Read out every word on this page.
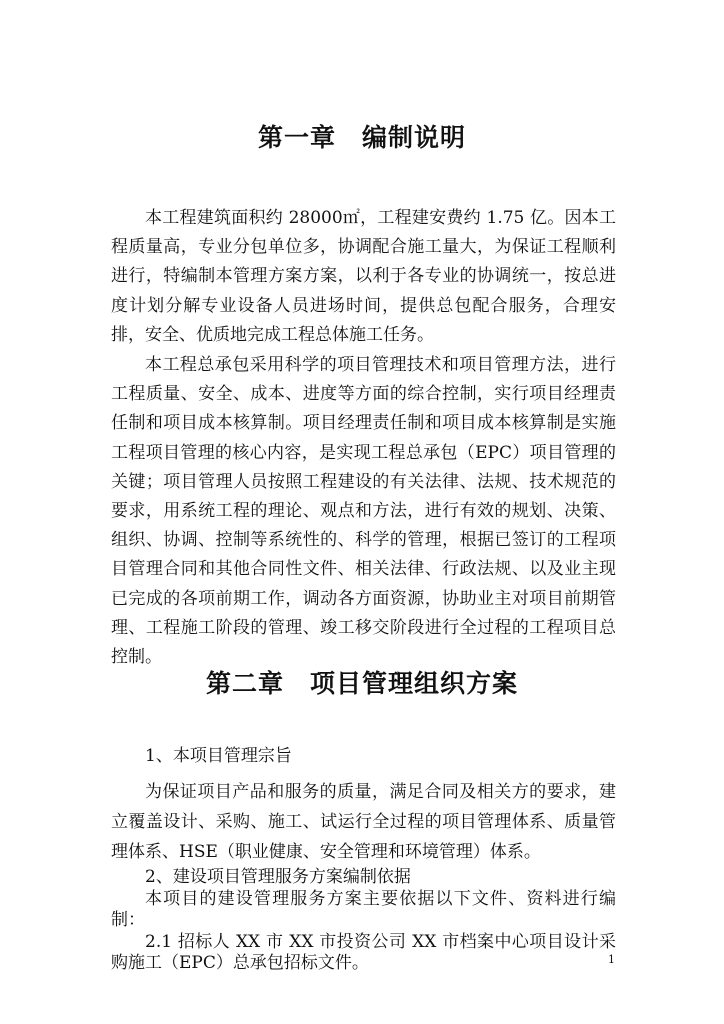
第一章　编制说明

本工程建筑面积约 28000㎡，工程建安费约 1.75 亿。因本工程质量高，专业分包单位多，协调配合施工量大，为保证工程顺利进行，特编制本管理方案方案，以利于各专业的协调统一，按总进度计划分解专业设备人员进场时间，提供总包配合服务，合理安排，安全、优质地完成工程总体施工任务。

本工程总承包采用科学的项目管理技术和项目管理方法，进行工程质量、安全、成本、进度等方面的综合控制，实行项目经理责任制和项目成本核算制。项目经理责任制和项目成本核算制是实施工程项目管理的核心内容，是实现工程总承包（EPC）项目管理的关键；项目管理人员按照工程建设的有关法律、法规、技术规范的要求，用系统工程的理论、观点和方法，进行有效的规划、决策、组织、协调、控制等系统性的、科学的管理，根据已签订的工程项目管理合同和其他合同性文件、相关法律、行政法规、以及业主现已完成的各项前期工作，调动各方面资源，协助业主对项目前期管理、工程施工阶段的管理、竣工移交阶段进行全过程的工程项目总控制。

第二章　项目管理组织方案

1、本项目管理宗旨

为保证项目产品和服务的质量，满足合同及相关方的要求，建立覆盖设计、采购、施工、试运行全过程的项目管理体系、质量管理体系、HSE（职业健康、安全管理和环境管理）体系。

2、建设项目管理服务方案编制依据

本项目的建设管理服务方案主要依据以下文件、资料进行编制：

2.1 招标人 XX 市 XX 市投资公司 XX 市档案中心项目设计采购施工（EPC）总承包招标文件。	1
